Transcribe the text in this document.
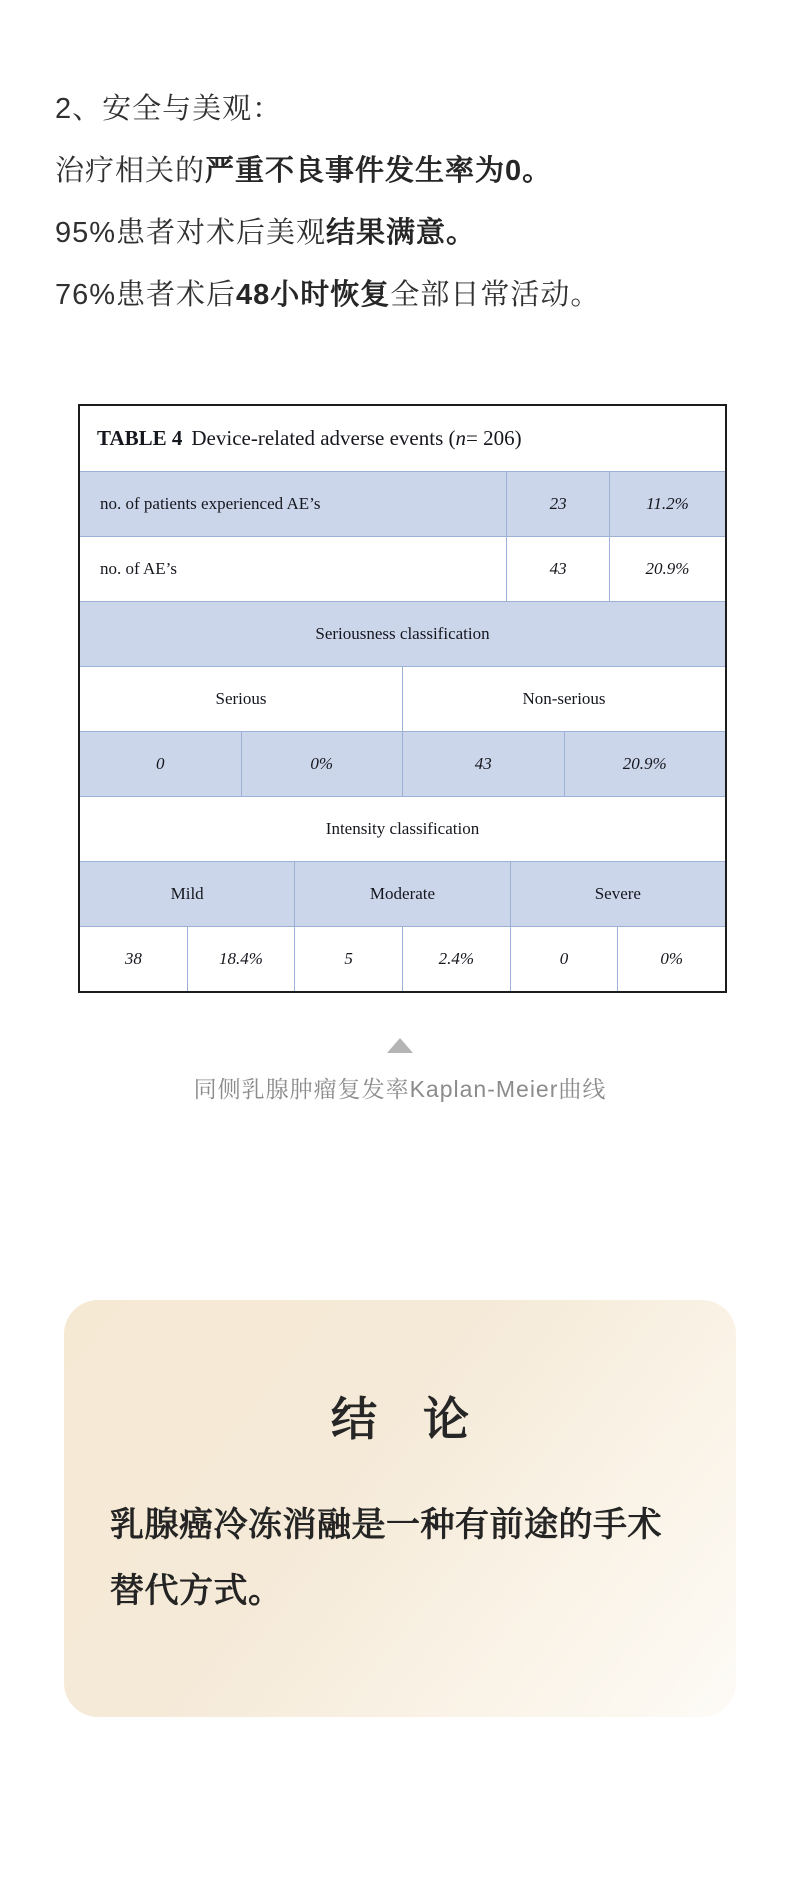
2、安全与美观：
治疗相关的严重不良事件发生率为0。
95%患者对术后美观结果满意。
76%患者术后48小时恢复全部日常活动。
TABLE 4 Device-related adverse events ( n = 206)
no. of patients experienced AE’s	23	11.2%
no. of AE’s	43	20.9%
Seriousness classification
Serious	Non-serious
0	0%	43	20.9%
Intensity classification
Mild	Moderate	Severe
38	18.4%	5	2.4%	0	0%
同侧乳腺肿瘤复发率Kaplan-Meier曲线
结　论

乳腺癌冷冻消融是一种有前途的手术替代方式。
